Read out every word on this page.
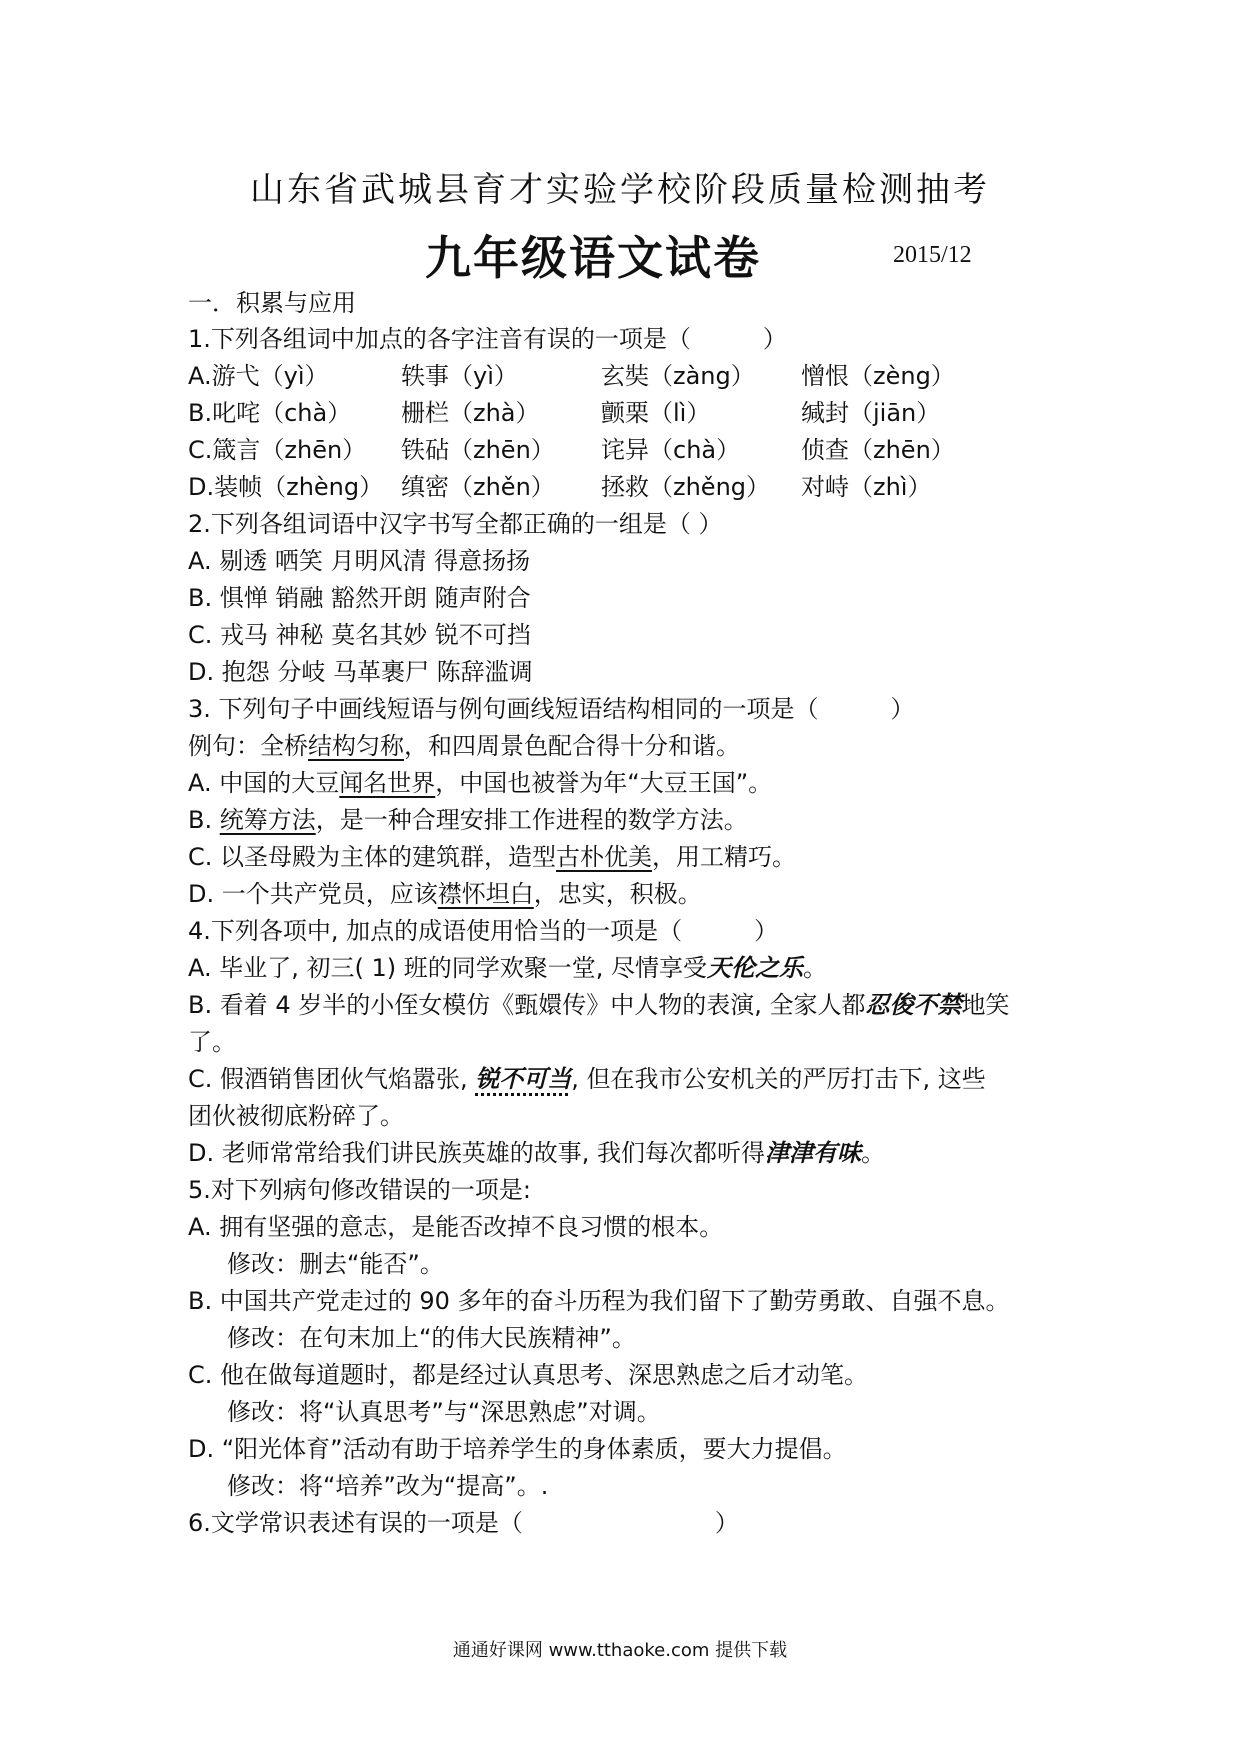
山东省武城县育才实验学校阶段质量检测抽考
九年级语文试卷	2015/12
一．积累与应用
1.下列各组词中加点的各字注音有误的一项是（　　　）
A.游弋（yì）	轶事（yì）	玄奘（zàng） 憎恨（zèng）
B.叱咤（chà） 栅栏（zhà）	颤栗（lì）	缄封（jiān）
C.箴言（zhēn） 铁砧（zhēn） 诧异（chà）	侦查（zhēn）
D.装帧（zhèng） 缜密（zhěn） 拯救（zhěng） 对峙（zhì）
2.下列各组词语中汉字书写全都正确的一组是（ ）
A. 剔透 哂笑 月明风清 得意扬扬
B. 惧惮 销融 豁然开朗 随声附合
C. 戎马 神秘 莫名其妙 锐不可挡
D. 抱怨 分岐 马革裹尸 陈辞滥调
3. 下列句子中画线短语与例句画线短语结构相同的一项是（　　　）
例句：全桥结构匀称，和四周景色配合得十分和谐。
A. 中国的大豆闻名世界，中国也被誉为年“大豆王国”。
B. 统筹方法，是一种合理安排工作进程的数学方法。
C. 以圣母殿为主体的建筑群，造型古朴优美，用工精巧。
D. 一个共产党员，应该襟怀坦白，忠实，积极。
4.下列各项中, 加点的成语使用恰当的一项是（　　　）
A. 毕业了, 初三( 1) 班的同学欢聚一堂, 尽情享受天伦之乐。
B. 看着 4 岁半的小侄女模仿《甄嬛传》中人物的表演, 全家人都忍俊不禁地笑
了。
C. 假酒销售团伙气焰嚣张, 锐不可当, 但在我市公安机关的严厉打击下, 这些
团伙被彻底粉碎了。
D. 老师常常给我们讲民族英雄的故事, 我们每次都听得津津有味。
5.对下列病句修改错误的一项是:
A. 拥有坚强的意志，是能否改掉不良习惯的根本。
修改：删去“能否”。
B. 中国共产党走过的 90 多年的奋斗历程为我们留下了勤劳勇敢、自强不息。
修改：在句末加上“的伟大民族精神”。
C. 他在做每道题时，都是经过认真思考、深思熟虑之后才动笔。
修改：将“认真思考”与“深思熟虑”对调。
D. “阳光体育”活动有助于培养学生的身体素质，要大力提倡。
修改：将“培养”改为“提高”。.
6.文学常识表述有误的一项是（　　　　　　　　）
通通好课网 www.tthaoke.com 提供下载
